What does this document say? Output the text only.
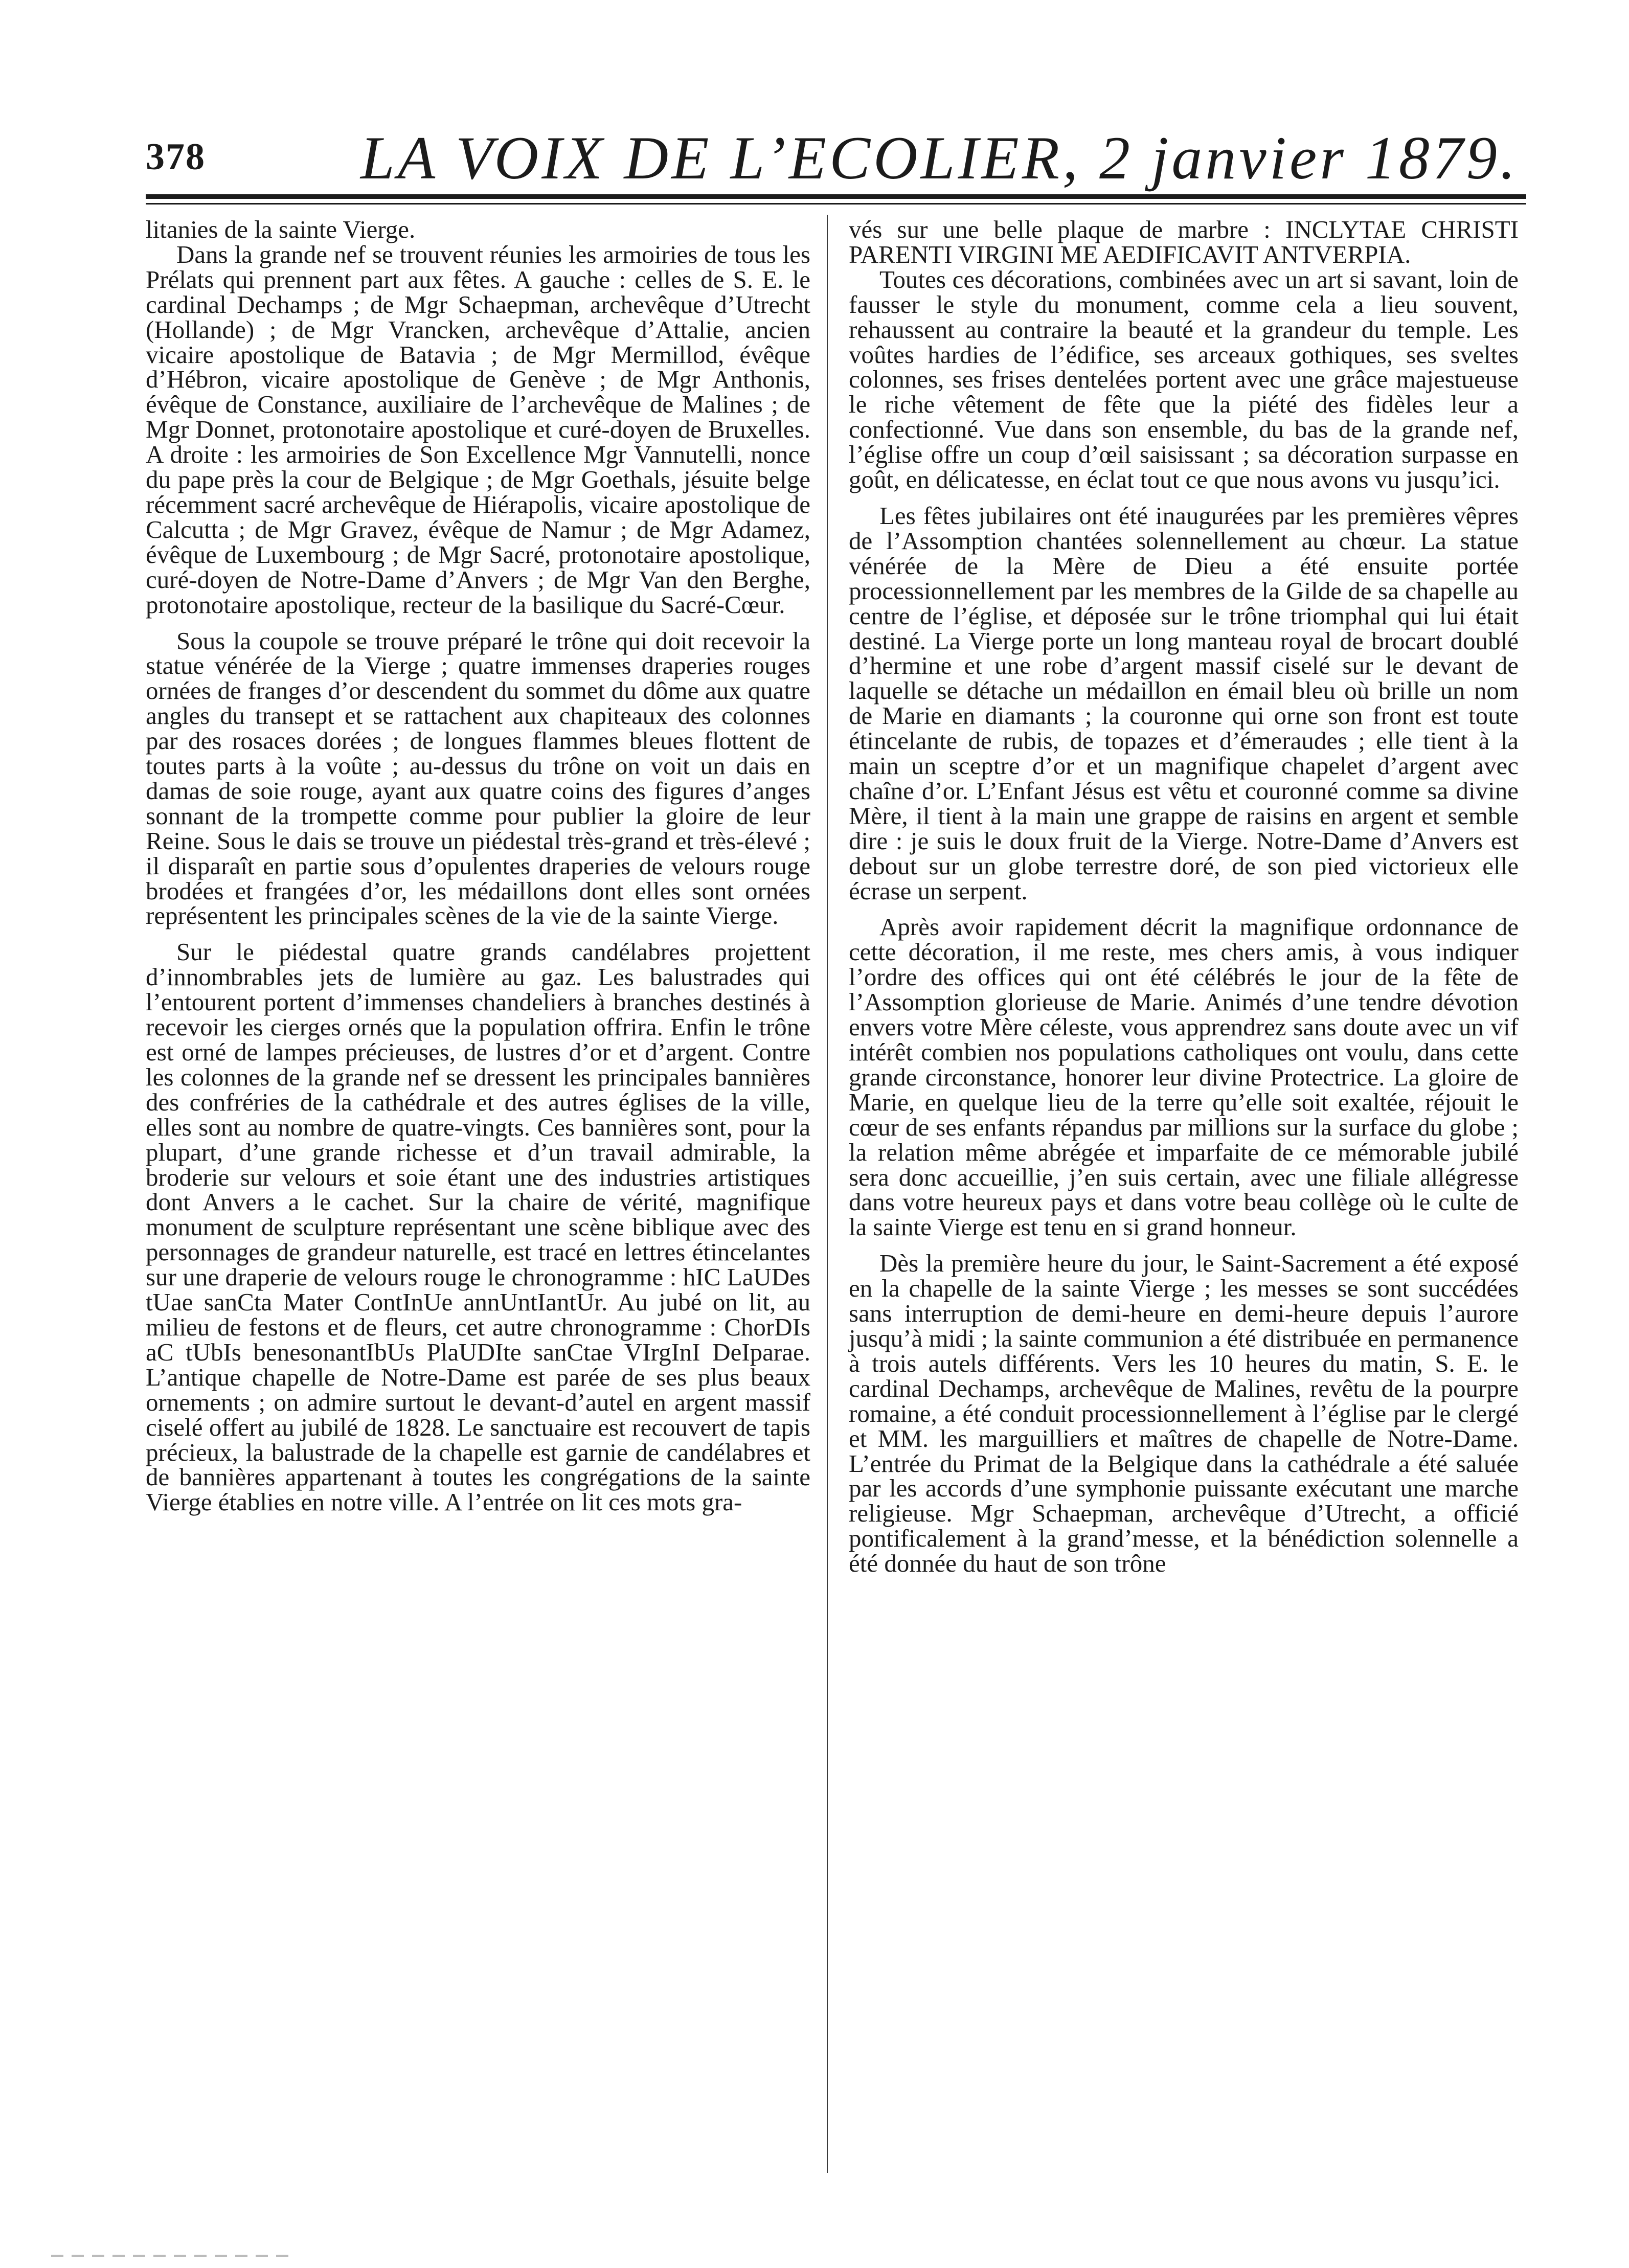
378	LA VOIX DE L’ECOLIER, 2 janvier 1879.

litanies de la sainte Vierge.

Dans la grande nef se trouvent réunies les armoiries de tous les Prélats qui prennent part aux fêtes. A gauche : celles de S. E. le cardinal Dechamps ; de Mgr Schaepman, archevêque d’Utrecht (Hollande) ; de Mgr Vrancken, archevêque d’Attalie, ancien vicaire apostolique de Batavia ; de Mgr Mermillod, évêque d’Hébron, vicaire apostolique de Genève ; de Mgr Anthonis, évêque de Constance, auxiliaire de l’archevêque de Malines ; de Mgr Donnet, protonotaire apostolique et curé-doyen de Bruxelles. A droite : les armoiries de Son Excellence Mgr Vannutelli, nonce du pape près la cour de Belgique ; de Mgr Goethals, jésuite belge récemment sacré archevêque de Hiérapolis, vicaire apostolique de Calcutta ; de Mgr Gravez, évêque de Namur ; de Mgr Adamez, évêque de Luxembourg ; de Mgr Sacré, protonotaire apostolique, curé-doyen de Notre-Dame d’Anvers ; de Mgr Van den Berghe, protonotaire apostolique, recteur de la basilique du Sacré-Cœur.

Sous la coupole se trouve préparé le trône qui doit recevoir la statue vénérée de la Vierge ; quatre immenses draperies rouges ornées de franges d’or descendent du sommet du dôme aux quatre angles du transept et se rattachent aux chapiteaux des colonnes par des rosaces dorées ; de longues flammes bleues flottent de toutes parts à la voûte ; au-dessus du trône on voit un dais en damas de soie rouge, ayant aux quatre coins des figures d’anges sonnant de la trompette comme pour publier la gloire de leur Reine. Sous le dais se trouve un piédestal très-grand et très-élevé ; il disparaît en partie sous d’opulentes draperies de velours rouge brodées et frangées d’or, les médaillons dont elles sont ornées représentent les principales scènes de la vie de la sainte Vierge.

Sur le piédestal quatre grands candélabres projettent d’innombrables jets de lumière au gaz. Les balustrades qui l’entourent portent d’immenses chandeliers à branches destinés à recevoir les cierges ornés que la population offrira. Enfin le trône est orné de lampes précieuses, de lustres d’or et d’argent. Contre les colonnes de la grande nef se dressent les principales bannières des confréries de la cathédrale et des autres églises de la ville, elles sont au nombre de quatre-vingts. Ces bannières sont, pour la plupart, d’une grande richesse et d’un travail admirable, la broderie sur velours et soie étant une des industries artistiques dont Anvers a le cachet. Sur la chaire de vérité, magnifique monument de sculpture représentant une scène biblique avec des personnages de grandeur naturelle, est tracé en lettres étincelantes sur une draperie de velours rouge le chronogramme : hIC LaUDes tUae sanCta Mater ContInUe annUntIantUr. Au jubé on lit, au milieu de festons et de fleurs, cet autre chronogramme : ChorDIs aC tUbIs benesonantIbUs PlaUDIte sanCtae VIrgInI DeIparae. L’antique chapelle de Notre-Dame est parée de ses plus beaux ornements ; on admire surtout le devant-d’autel en argent massif ciselé offert au jubilé de 1828. Le sanctuaire est recouvert de tapis précieux, la balustrade de la chapelle est garnie de candélabres et de bannières appartenant à toutes les congrégations de la sainte Vierge établies en notre ville. A l’entrée on lit ces mots gra-

vés sur une belle plaque de marbre : INCLYTAE CHRISTI PARENTI VIRGINI ME AEDIFICAVIT ANTVERPIA.

Toutes ces décorations, combinées avec un art si savant, loin de fausser le style du monument, comme cela a lieu souvent, rehaussent au contraire la beauté et la grandeur du temple. Les voûtes hardies de l’édifice, ses arceaux gothiques, ses sveltes colonnes, ses frises dentelées portent avec une grâce majestueuse le riche vêtement de fête que la piété des fidèles leur a confectionné. Vue dans son ensemble, du bas de la grande nef, l’église offre un coup d’œil saisissant ; sa décoration surpasse en goût, en délicatesse, en éclat tout ce que nous avons vu jusqu’ici.

Les fêtes jubilaires ont été inaugurées par les premières vêpres de l’Assomption chantées solennellement au chœur. La statue vénérée de la Mère de Dieu a été ensuite portée processionnellement par les membres de la Gilde de sa chapelle au centre de l’église, et déposée sur le trône triomphal qui lui était destiné. La Vierge porte un long manteau royal de brocart doublé d’hermine et une robe d’argent massif ciselé sur le devant de laquelle se détache un médaillon en émail bleu où brille un nom de Marie en diamants ; la couronne qui orne son front est toute étincelante de rubis, de topazes et d’émeraudes ; elle tient à la main un sceptre d’or et un magnifique chapelet d’argent avec chaîne d’or. L’Enfant Jésus est vêtu et couronné comme sa divine Mère, il tient à la main une grappe de raisins en argent et semble dire : je suis le doux fruit de la Vierge. Notre-Dame d’Anvers est debout sur un globe terrestre doré, de son pied victorieux elle écrase un serpent.

Après avoir rapidement décrit la magnifique ordonnance de cette décoration, il me reste, mes chers amis, à vous indiquer l’ordre des offices qui ont été célébrés le jour de la fête de l’Assomption glorieuse de Marie. Animés d’une tendre dévotion envers votre Mère céleste, vous apprendrez sans doute avec un vif intérêt combien nos populations catholiques ont voulu, dans cette grande circonstance, honorer leur divine Protectrice. La gloire de Marie, en quelque lieu de la terre qu’elle soit exaltée, réjouit le cœur de ses enfants répandus par millions sur la surface du globe ; la relation même abrégée et imparfaite de ce mémorable jubilé sera donc accueillie, j’en suis certain, avec une filiale allégresse dans votre heureux pays et dans votre beau collège où le culte de la sainte Vierge est tenu en si grand honneur.

Dès la première heure du jour, le Saint-Sacrement a été exposé en la chapelle de la sainte Vierge ; les messes se sont succédées sans interruption de demi-heure en demi-heure depuis l’aurore jusqu’à midi ; la sainte communion a été distribuée en permanence à trois autels différents. Vers les 10 heures du matin, S. E. le cardinal Dechamps, archevêque de Malines, revêtu de la pourpre romaine, a été conduit processionnellement à l’église par le clergé et MM. les marguilliers et maîtres de chapelle de Notre-Dame. L’entrée du Primat de la Belgique dans la cathédrale a été saluée par les accords d’une symphonie puissante exécutant une marche religieuse. Mgr Schaepman, archevêque d’Utrecht, a officié pontificalement à la grand’messe, et la bénédiction solennelle a été donnée du haut de son trône
